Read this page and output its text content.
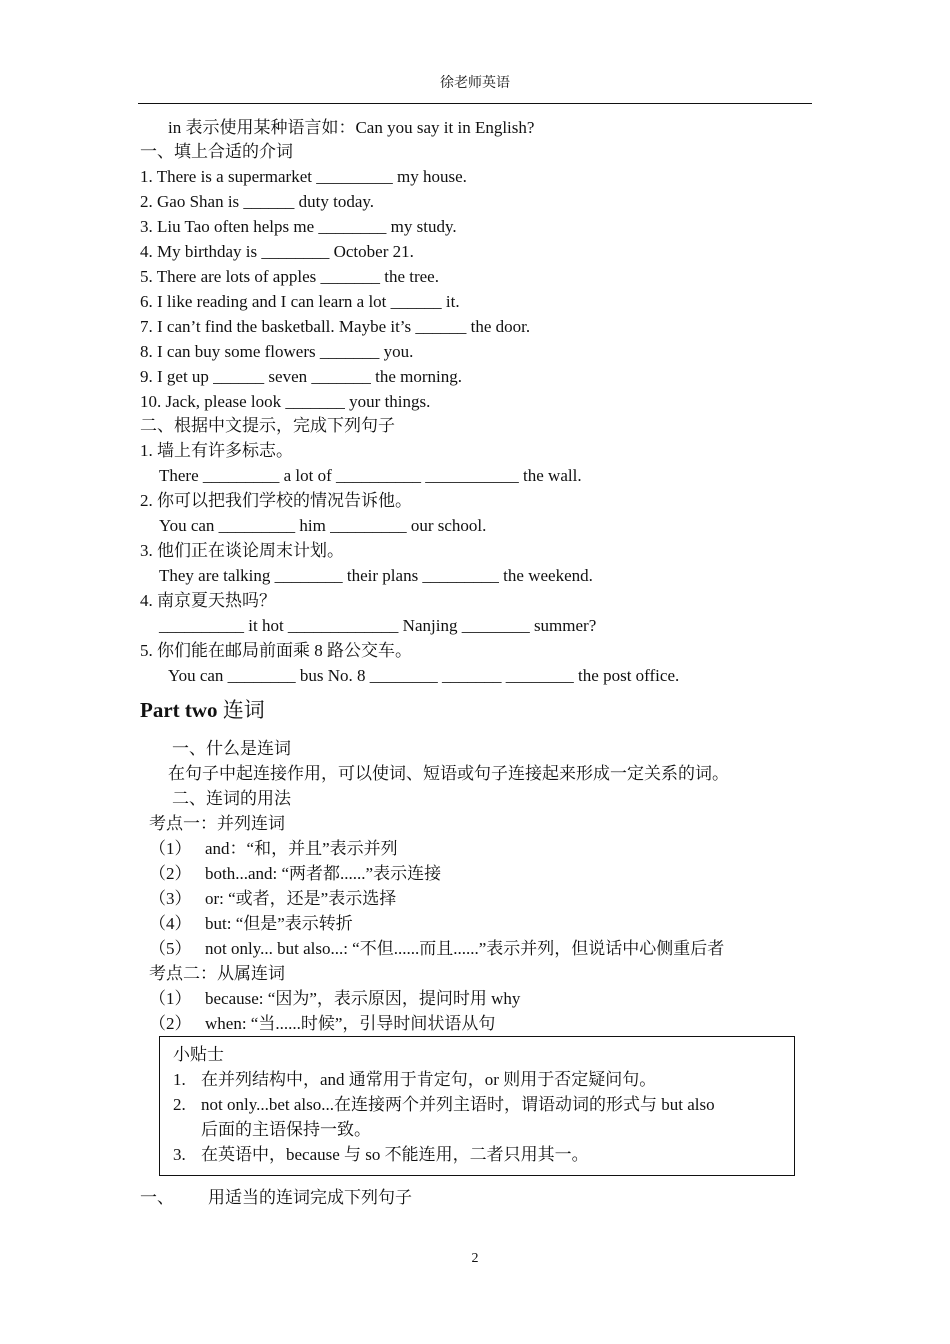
徐老师英语
in 表示使用某种语言如：Can you say it in English?
一、填上合适的介词
1. There is a supermarket _________ my house.
2. Gao Shan is ______ duty today.
3. Liu Tao often helps me ________ my study.
4. My birthday is ________ October 21.
5. There are lots of apples _______ the tree.
6. I like reading and I can learn a lot ______ it.
7. I can’t find the basketball. Maybe it’s ______ the door.
8. I can buy some flowers _______ you.
9. I get up ______ seven _______ the morning.
10. Jack, please look _______ your things.
二、根据中文提示，完成下列句子
1. 墙上有许多标志。
There _________ a lot of __________ ___________ the wall.
2. 你可以把我们学校的情况告诉他。
You can _________ him _________ our school.
3. 他们正在谈论周末计划。
They are talking ________ their plans _________ the weekend.
4. 南京夏天热吗？
__________ it hot _____________ Nanjing ________ summer?
5. 你们能在邮局前面乘 8 路公交车。
You can ________ bus No. 8 ________ _______ ________ the post office.
Part two 连词
一、什么是连词
在句子中起连接作用，可以使词、短语或句子连接起来形成一定关系的词。
二、连词的用法
考点一：并列连词
（1） and：“和，并且”表示并列
（2） both...and: “两者都......”表示连接
（3） or: “或者，还是”表示选择
（4） but: “但是”表示转折
（5） not only... but also...: “不但......而且......”表示并列，但说话中心侧重后者
考点二：从属连词
（1） because: “因为”，表示原因，提问时用 why
（2） when: “当......时候”，引导时间状语从句
小贴士
1. 在并列结构中，and 通常用于肯定句，or 则用于否定疑问句。
2. not only...bet also...在连接两个并列主语时，谓语动词的形式与 but also
后面的主语保持一致。
3. 在英语中，because 与 so 不能连用，二者只用其一。
一、 用适当的连词完成下列句子
2
